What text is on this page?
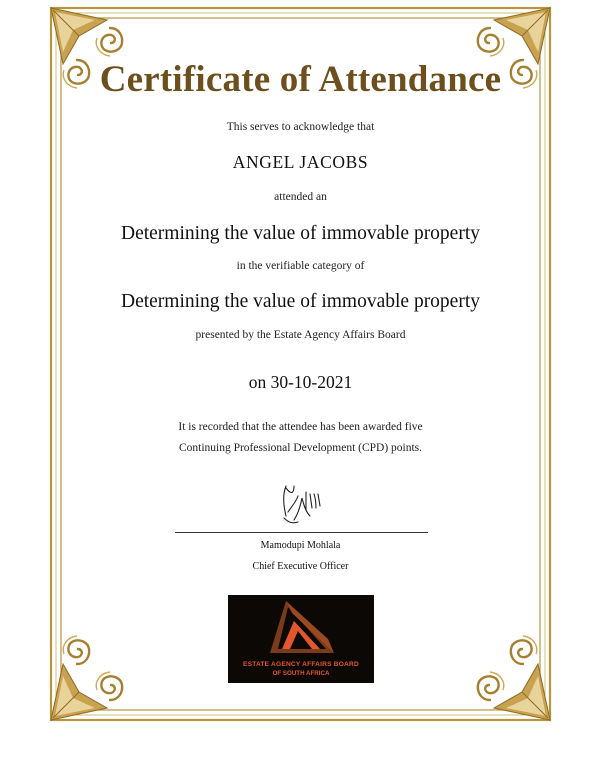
Certificate of Attendance
This serves to acknowledge that
ANGEL JACOBS
attended an
Determining the value of immovable property
in the verifiable category of
Determining the value of immovable property
presented by the Estate Agency Affairs Board
on 30-10-2021
It is recorded that the attendee has been awarded five
Continuing Professional Development (CPD) points.
Mamodupi Mohlala
Chief Executive Officer
ESTATE AGENCY AFFAIRS BOARD
OF SOUTH AFRICA
